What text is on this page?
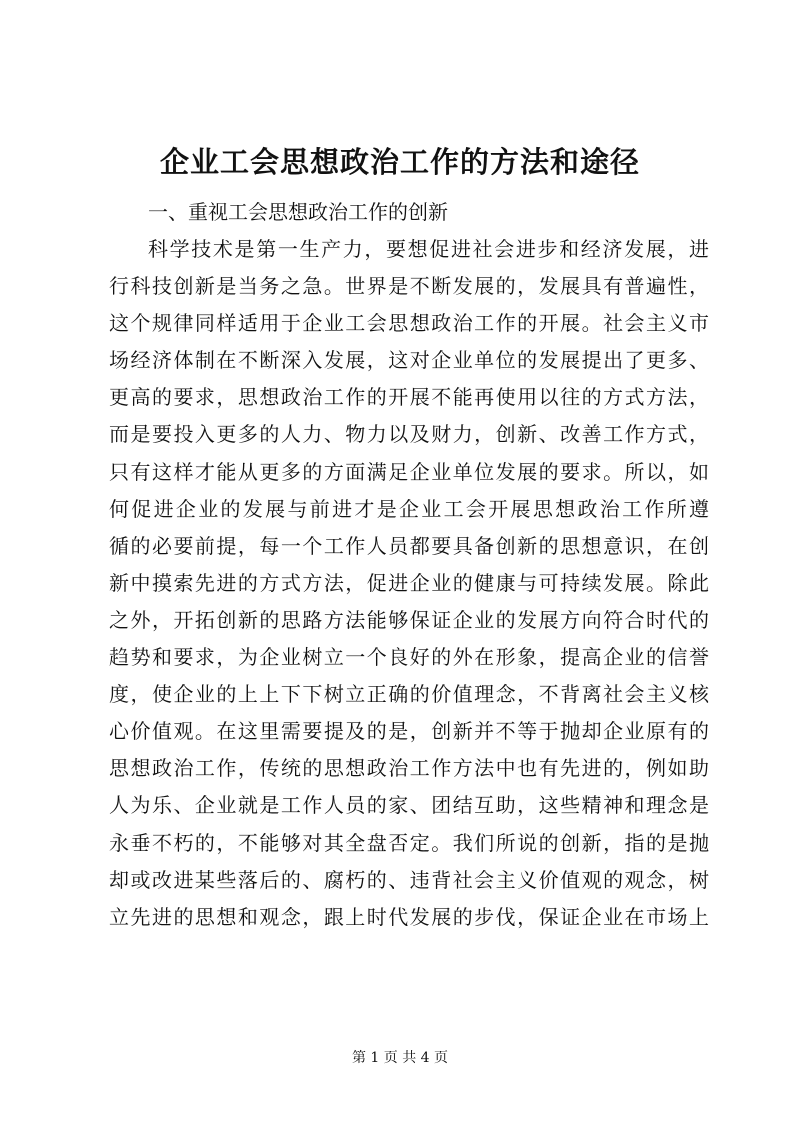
企业工会思想政治工作的方法和途径

一、重视工会思想政治工作的创新

科学技术是第一生产力，要想促进社会进步和经济发展，进
行科技创新是当务之急。世界是不断发展的，发展具有普遍性，
这个规律同样适用于企业工会思想政治工作的开展。社会主义市
场经济体制在不断深入发展，这对企业单位的发展提出了更多、
更高的要求，思想政治工作的开展不能再使用以往的方式方法，
而是要投入更多的人力、物力以及财力，创新、改善工作方式，
只有这样才能从更多的方面满足企业单位发展的要求。所以，如
何促进企业的发展与前进才是企业工会开展思想政治工作所遵
循的必要前提，每一个工作人员都要具备创新的思想意识，在创
新中摸索先进的方式方法，促进企业的健康与可持续发展。除此
之外，开拓创新的思路方法能够保证企业的发展方向符合时代的
趋势和要求，为企业树立一个良好的外在形象，提高企业的信誉
度，使企业的上上下下树立正确的价值理念，不背离社会主义核
心价值观。在这里需要提及的是，创新并不等于抛却企业原有的
思想政治工作，传统的思想政治工作方法中也有先进的，例如助
人为乐、企业就是工作人员的家、团结互助，这些精神和理念是
永垂不朽的，不能够对其全盘否定。我们所说的创新，指的是抛
却或改进某些落后的、腐朽的、违背社会主义价值观的观念，树
立先进的思想和观念，跟上时代发展的步伐，保证企业在市场上

第 1 页 共 4 页
